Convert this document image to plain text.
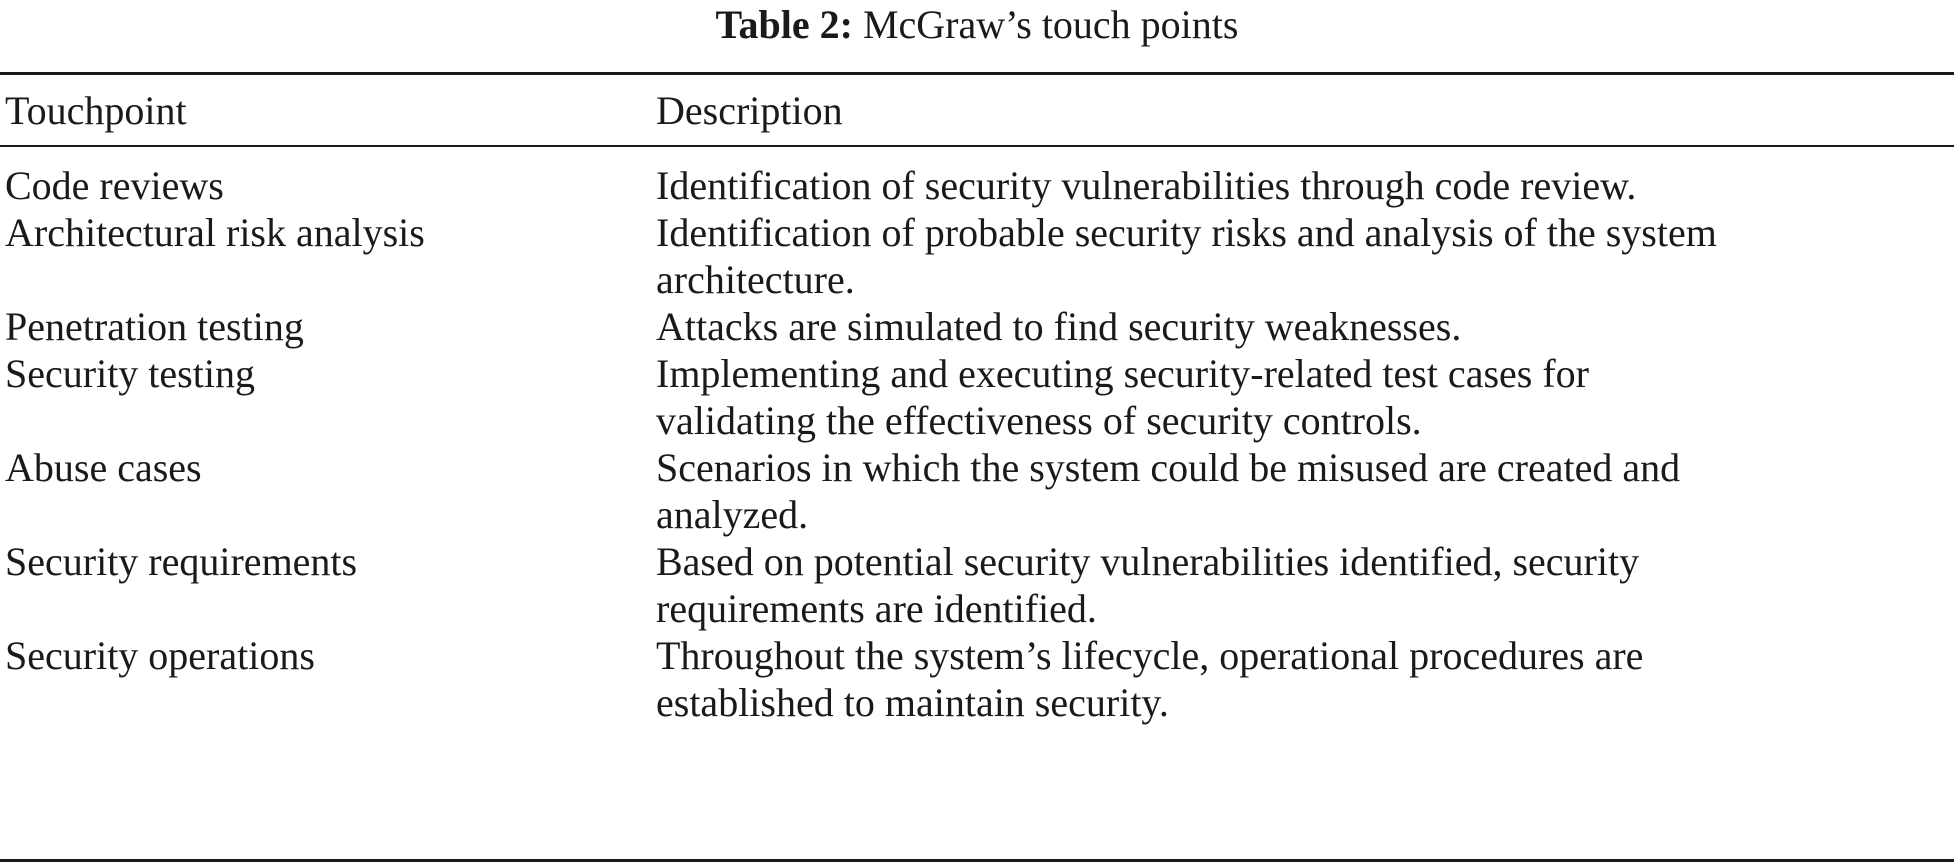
Table 2: McGraw’s touch points
Touchpoint	Description
Code reviews	Identification of security vulnerabilities through code review.
Architectural risk analysis	Identification of probable security risks and analysis of the system
architecture.
Penetration testing	Attacks are simulated to find security weaknesses.
Security testing	Implementing and executing security-related test cases for
validating the effectiveness of security controls.
Abuse cases	Scenarios in which the system could be misused are created and
analyzed.
Security requirements	Based on potential security vulnerabilities identified, security
requirements are identified.
Security operations	Throughout the system’s lifecycle, operational procedures are
established to maintain security.
